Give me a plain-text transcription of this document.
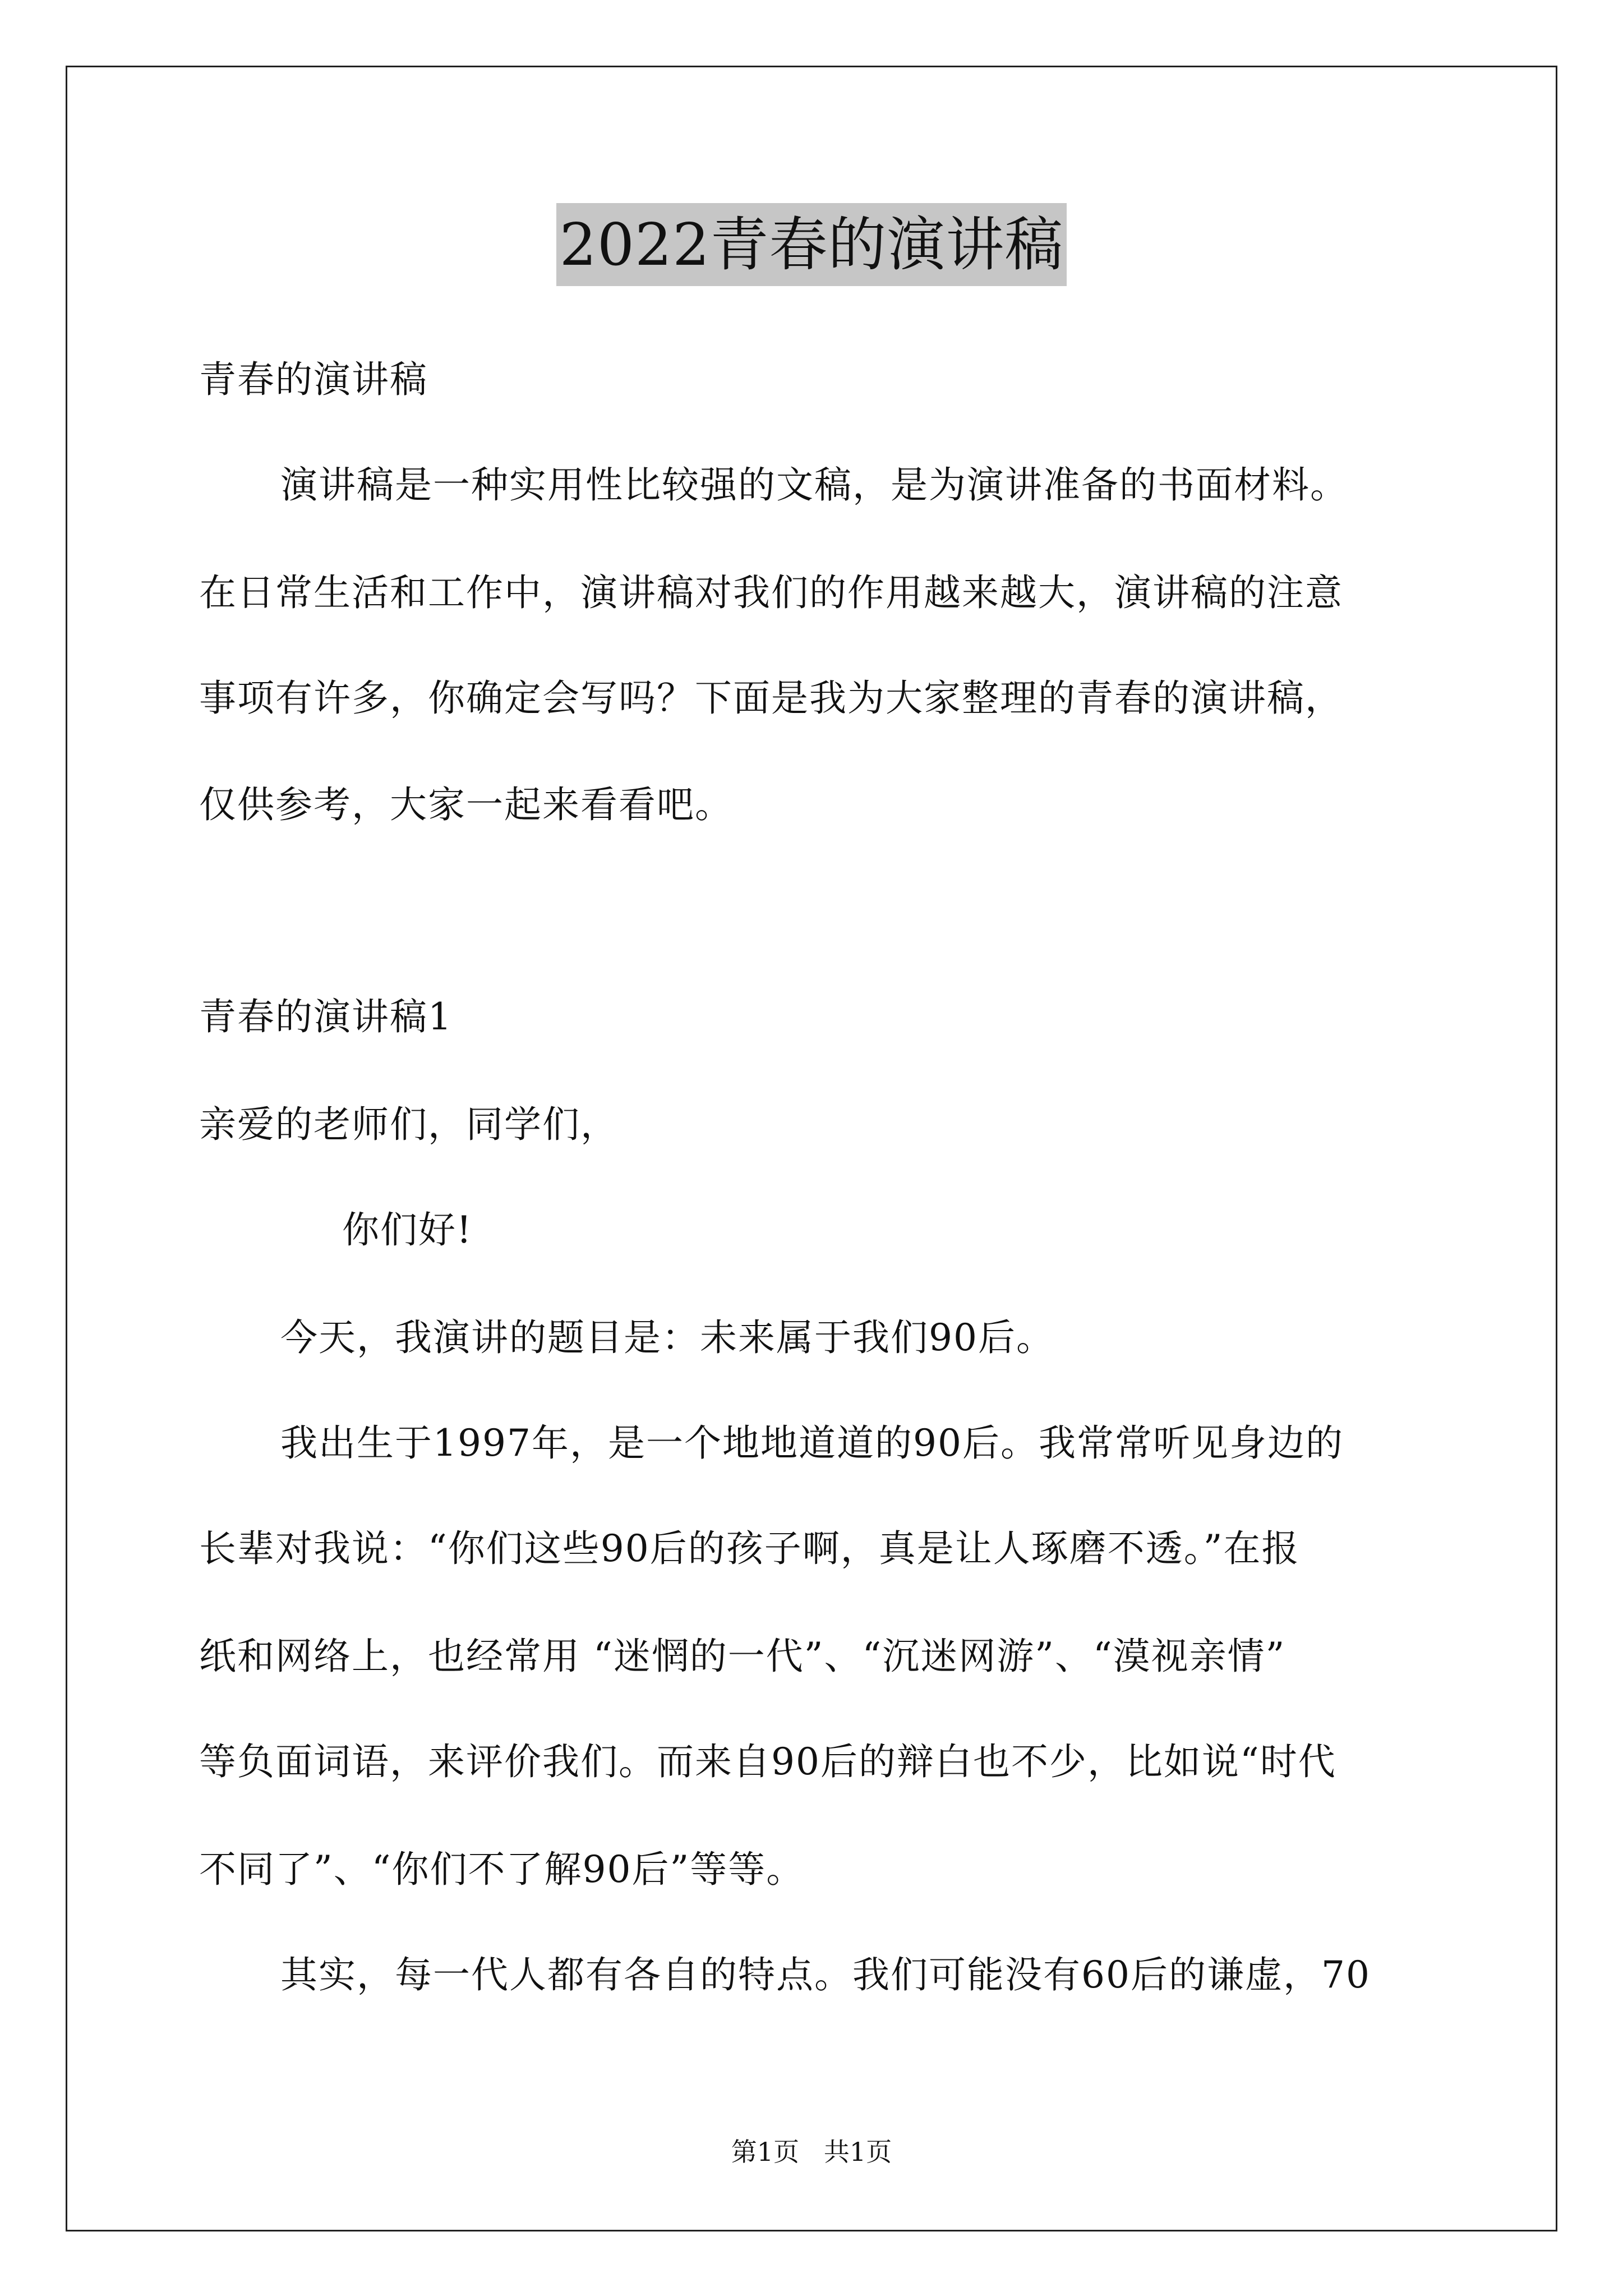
2022青春的演讲稿
青春的演讲稿
演讲稿是一种实用性比较强的文稿，是为演讲准备的书面材料。
在日常生活和工作中，演讲稿对我们的作用越来越大，演讲稿的注意
事项有许多，你确定会写吗？下面是我为大家整理的青春的演讲稿，
仅供参考，大家一起来看看吧。
青春的演讲稿1
亲爱的老师们，同学们，
你们好!
今天，我演讲的题目是：未来属于我们90后。
我出生于1997年，是一个地地道道的90后。我常常听见身边的
长辈对我说：“你们这些90后的孩子啊，真是让人琢磨不透。”在报
纸和网络上，也经常用 “迷惘的一代”、“沉迷网游”、“漠视亲情”
等负面词语，来评价我们。而来自90后的辩白也不少，比如说“时代
不同了”、“你们不了解90后”等等。
其实，每一代人都有各自的特点。我们可能没有60后的谦虚，70
第1页   共1页
